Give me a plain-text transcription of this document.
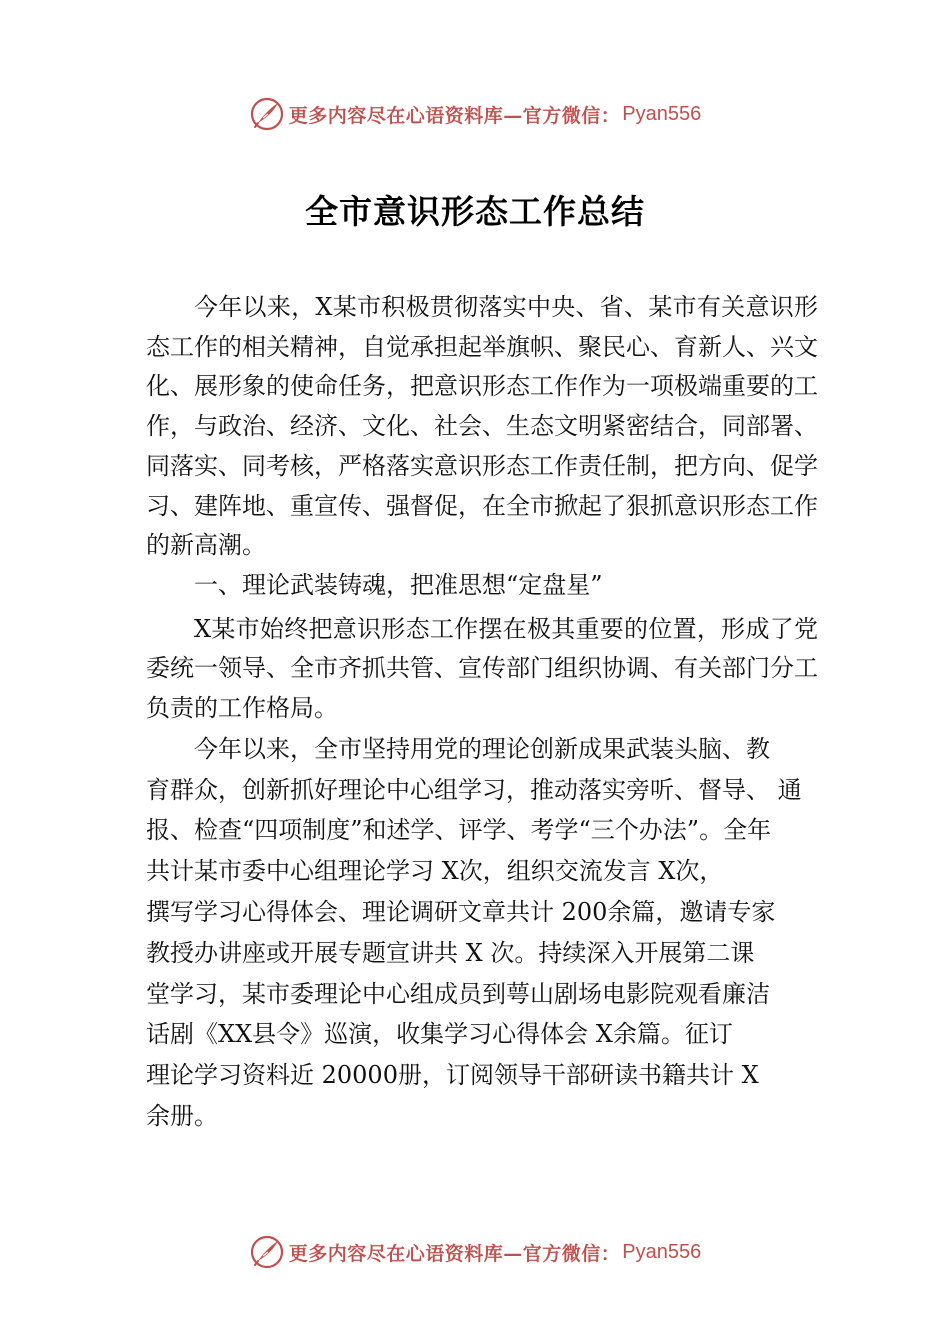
更多内容尽在心语资料库—官方微信： Pyan556
全市意识形态工作总结

今年以来，X某市积极贯彻落实中央、省、某市有关意识形态工作的相关精神，自觉承担起举旗帜、聚民心、育新人、兴文化、展形象的使命任务，把意识形态工作作为一项极端重要的工作，与政治、经济、文化、社会、生态文明紧密结合，同部署、同落实、同考核，严格落实意识形态工作责任制，把方向、促学习、建阵地、重宣传、强督促，在全市掀起了狠抓意识形态工作的新高潮。

一、理论武装铸魂，把准思想“定盘星”

X某市始终把意识形态工作摆在极其重要的位置，形成了党委统一领导、全市齐抓共管、宣传部门组织协调、有关部门分工负责的工作格局。

今年以来，全市坚持用党的理论创新成果武装头脑、教
育群众，创新抓好理论中心组学习，推动落实旁听、督导、 通
报、检查“四项制度”和述学、评学、考学“三个办法”。全年
共计某市委中心组理论学习 X次，组织交流发言 X次，
撰写学习心得体会、理论调研文章共计 200余篇，邀请专家
教授办讲座或开展专题宣讲共 X 次。持续深入开展第二课
堂学习，某市委理论中心组成员到萼山剧场电影院观看廉洁
话剧《XX县令》巡演，收集学习心得体会 X余篇。征订
理论学习资料近 20000册，订阅领导干部研读书籍共计 X
余册。
更多内容尽在心语资料库—官方微信： Pyan556
